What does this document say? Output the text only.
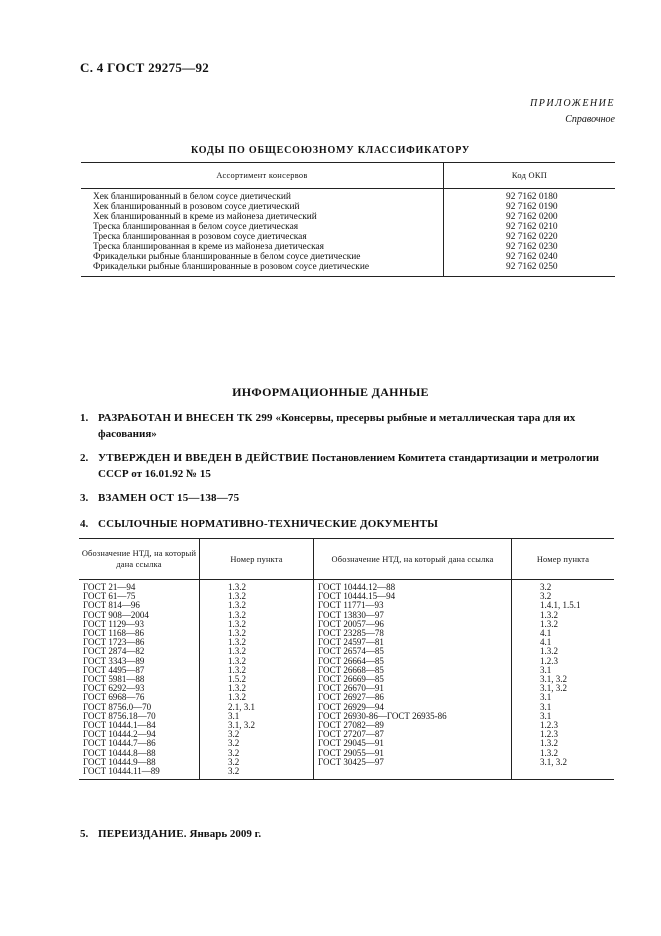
С. 4 ГОСТ 29275—92
ПРИЛОЖЕНИЕ
Справочное
КОДЫ ПО ОБЩЕСОЮЗНОМУ КЛАССИФИКАТОРУ
Ассортимент консервов	Код ОКП
Хек бланшированный в белом соусе диетический	92 7162 0180
Хек бланшированный в розовом соусе диетический	92 7162 0190
Хек бланшированный в креме из майонеза диетический	92 7162 0200
Треска бланшированная в белом соусе диетическая	92 7162 0210
Треска бланшированная в розовом соусе диетическая	92 7162 0220
Треска бланшированная в креме из майонеза диетическая	92 7162 0230
Фрикадельки рыбные бланшированные в белом соусе диетические	92 7162 0240
Фрикадельки рыбные бланшированные в розовом соусе диетические	92 7162 0250
ИНФОРМАЦИОННЫЕ ДАННЫЕ
1. РАЗРАБОТАН И ВНЕСЕН ТК 299 «Консервы, пресервы рыбные и металлическая тара для их фасования»
2. УТВЕРЖДЕН И ВВЕДЕН В ДЕЙСТВИЕ Постановлением Комитета стандартизации и метрологии СССР от 16.01.92 № 15
3. ВЗАМЕН ОСТ 15—138—75
4. ССЫЛОЧНЫЕ НОРМАТИВНО-ТЕХНИЧЕСКИЕ ДОКУМЕНТЫ
Обозначение НТД, на который дана ссылка	Номер пункта	Обозначение НТД, на который дана ссылка	Номер пункта
ГОСТ 21—94	1.3.2	ГОСТ 10444.12—88	3.2
ГОСТ 61—75	1.3.2	ГОСТ 10444.15—94	3.2
ГОСТ 814—96	1.3.2	ГОСТ 11771—93	1.4.1, 1.5.1
ГОСТ 908—2004	1.3.2	ГОСТ 13830—97	1.3.2
ГОСТ 1129—93	1.3.2	ГОСТ 20057—96	1.3.2
ГОСТ 1168—86	1.3.2	ГОСТ 23285—78	4.1
ГОСТ 1723—86	1.3.2	ГОСТ 24597—81	4.1
ГОСТ 2874—82	1.3.2	ГОСТ 26574—85	1.3.2
ГОСТ 3343—89	1.3.2	ГОСТ 26664—85	1.2.3
ГОСТ 4495—87	1.3.2	ГОСТ 26668—85	3.1
ГОСТ 5981—88	1.5.2	ГОСТ 26669—85	3.1, 3.2
ГОСТ 6292—93	1.3.2	ГОСТ 26670—91	3.1, 3.2
ГОСТ 6968—76	1.3.2	ГОСТ 26927—86	3.1
ГОСТ 8756.0—70	2.1, 3.1	ГОСТ 26929—94	3.1
ГОСТ 8756.18—70	3.1	ГОСТ 26930-86—ГОСТ 26935-86	3.1
ГОСТ 10444.1—84	3.1, 3.2	ГОСТ 27082—89	1.2.3
ГОСТ 10444.2—94	3.2	ГОСТ 27207—87	1.2.3
ГОСТ 10444.7—86	3.2	ГОСТ 29045—91	1.3.2
ГОСТ 10444.8—88	3.2	ГОСТ 29055—91	1.3.2
ГОСТ 10444.9—88	3.2	ГОСТ 30425—97	3.1, 3.2
ГОСТ 10444.11—89	3.2		
5. ПЕРЕИЗДАНИЕ. Январь 2009 г.
